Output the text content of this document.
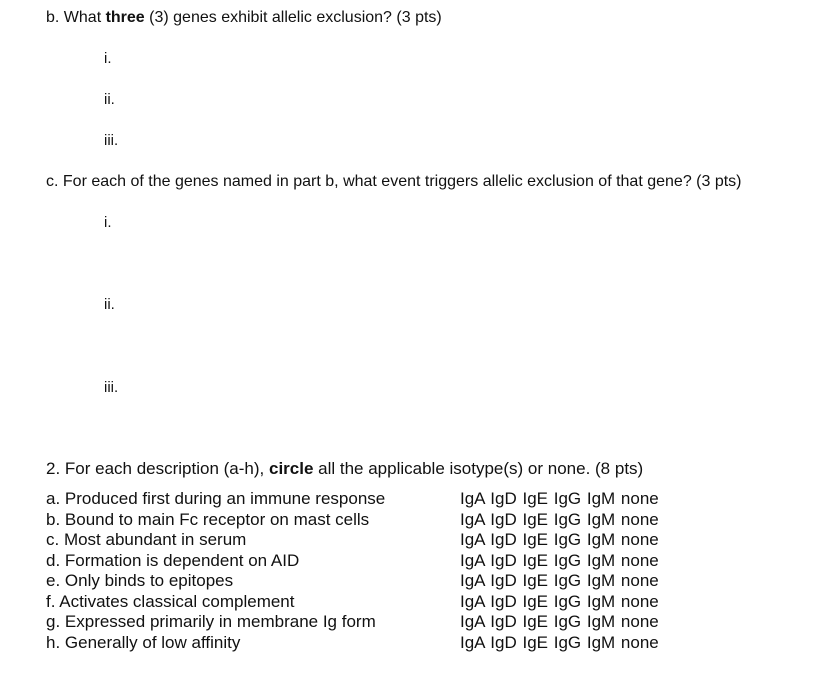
b. What three (3) genes exhibit allelic exclusion? (3 pts)
i.
ii.
iii.
c. For each of the genes named in part b, what event triggers allelic exclusion of that gene? (3 pts)
i.
ii.
iii.
2. For each description (a-h), circle all the applicable isotype(s) or none. (8 pts)
a. Produced first during an immune response	IgA IgD IgE IgG IgM none
b. Bound to main Fc receptor on mast cells	IgA IgD IgE IgG IgM none
c. Most abundant in serum	IgA IgD IgE IgG IgM none
d. Formation is dependent on AID	IgA IgD IgE IgG IgM none
e. Only binds to epitopes	IgA IgD IgE IgG IgM none
f. Activates classical complement	IgA IgD IgE IgG IgM none
g. Expressed primarily in membrane Ig form	IgA IgD IgE IgG IgM none
h. Generally of low affinity	IgA IgD IgE IgG IgM none
